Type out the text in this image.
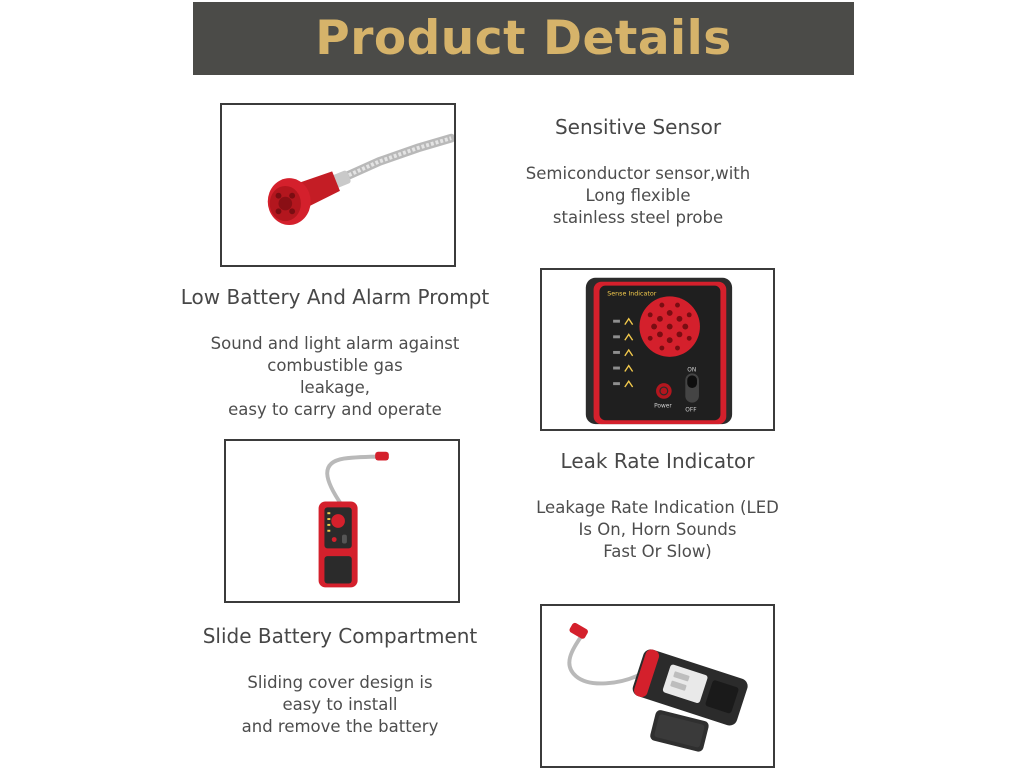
Product Details
Sensitive Sensor
Semiconductor sensor,with
Long flexible
stainless steel probe
Low Battery And Alarm Prompt
Sound and light alarm against
combustible gas
leakage,
easy to carry and operate
Sense Indicator
Power
ON
OFF
Leak Rate Indicator
Leakage Rate Indication (LED
Is On, Horn Sounds
Fast Or Slow)
Slide Battery Compartment
Sliding cover design is
easy to install
and remove the battery
